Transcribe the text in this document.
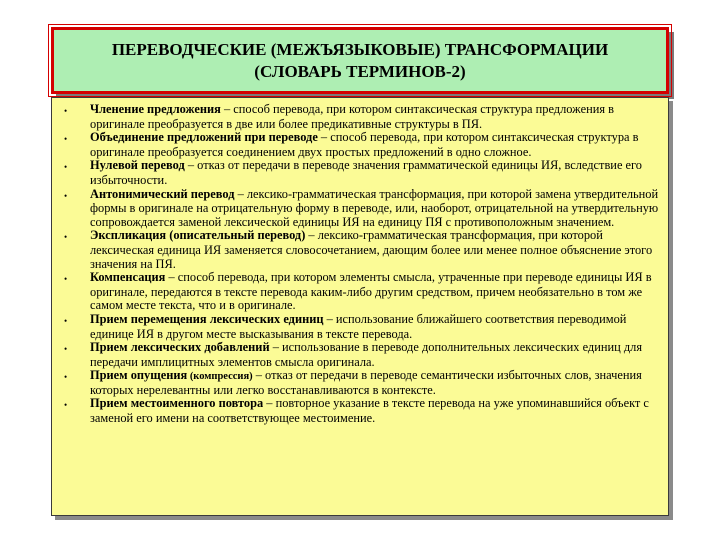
ПЕРЕВОДЧЕСКИЕ (МЕЖЪЯЗЫКОВЫЕ) ТРАНСФОРМАЦИИ
(СЛОВАРЬ ТЕРМИНОВ-2)
• Членение предложения – способ перевода, при котором синтаксическая структура предложения в оригинале преобразуется в две или более предикативные структуры в ПЯ.
• Объединение предложений при переводе – способ перевода, при котором синтаксическая структура в оригинале преобразуется соединением двух простых предложений в одно сложное.
• Нулевой перевод – отказ от передачи в переводе значения грамматической единицы ИЯ, вследствие его избыточности.
• Антонимический перевод – лексико-грамматическая трансформация, при которой замена утвердительной формы в оригинале на отрицательную форму в переводе, или, наоборот, отрицательной на утвердительную сопровождается заменой лексической единицы ИЯ на единицу ПЯ с противоположным значением.
• Экспликация (описательный перевод) – лексико-грамматическая трансформация, при которой лексическая единица ИЯ заменяется словосочетанием, дающим более или менее полное объяснение этого значения на ПЯ.
• Компенсация – способ перевода, при котором элементы смысла, утраченные при переводе единицы ИЯ в оригинале, передаются в тексте перевода каким-либо другим средством, причем необязательно в том же самом месте текста, что и в оригинале.
• Прием перемещения лексических единиц – использование ближайшего соответствия переводимой единице ИЯ в другом месте высказывания в тексте перевода.
• Прием лексических добавлений – использование в переводе дополнительных лексических единиц для передачи имплицитных элементов смысла оригинала.
• Прием опущения (компрессия) – отказ от передачи в переводе семантически избыточных слов, значения которых нерелевантны или легко восстанавливаются в контексте.
• Прием местоименного повтора – повторное указание в тексте перевода на уже упоминавшийся объект с заменой его имени на соответствующее местоимение.
